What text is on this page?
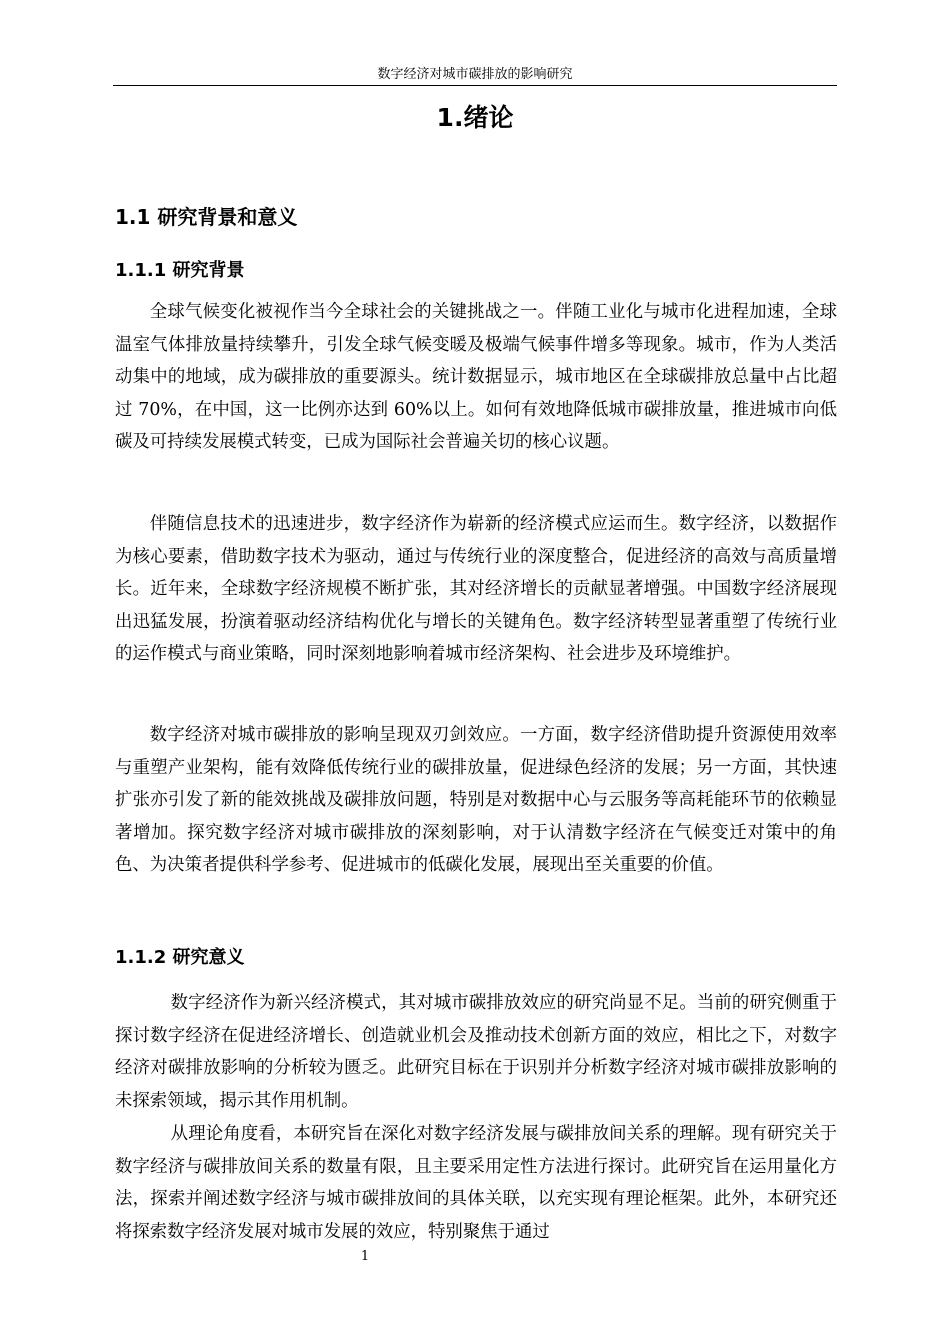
数字经济对城市碳排放的影响研究
1.绪论
1.1 研究背景和意义
1.1.1 研究背景

全球气候变化被视作当今全球社会的关键挑战之一。伴随工业化与城市化进程加速，全球温室气体排放量持续攀升，引发全球气候变暖及极端气候事件增多等现象。城市，作为人类活动集中的地域，成为碳排放的重要源头。统计数据显示，城市地区在全球碳排放总量中占比超过 70%，在中国，这一比例亦达到 60%以上。如何有效地降低城市碳排放量，推进城市向低碳及可持续发展模式转变，已成为国际社会普遍关切的核心议题。

伴随信息技术的迅速进步，数字经济作为崭新的经济模式应运而生。数字经济，以数据作为核心要素，借助数字技术为驱动，通过与传统行业的深度整合，促进经济的高效与高质量增长。近年来，全球数字经济规模不断扩张，其对经济增长的贡献显著增强。中国数字经济展现出迅猛发展，扮演着驱动经济结构优化与增长的关键角色。数字经济转型显著重塑了传统行业的运作模式与商业策略，同时深刻地影响着城市经济架构、社会进步及环境维护。

数字经济对城市碳排放的影响呈现双刃剑效应。一方面，数字经济借助提升资源使用效率与重塑产业架构，能有效降低传统行业的碳排放量，促进绿色经济的发展；另一方面，其快速扩张亦引发了新的能效挑战及碳排放问题，特别是对数据中心与云服务等高耗能环节的依赖显著增加。探究数字经济对城市碳排放的深刻影响，对于认清数字经济在气候变迁对策中的角色、为决策者提供科学参考、促进城市的低碳化发展，展现出至关重要的价值。

1.1.2 研究意义

数字经济作为新兴经济模式，其对城市碳排放效应的研究尚显不足。当前的研究侧重于探讨数字经济在促进经济增长、创造就业机会及推动技术创新方面的效应，相比之下，对数字经济对碳排放影响的分析较为匮乏。此研究目标在于识别并分析数字经济对城市碳排放影响的未探索领域，揭示其作用机制。

从理论角度看，本研究旨在深化对数字经济发展与碳排放间关系的理解。现有研究关于数字经济与碳排放间关系的数量有限，且主要采用定性方法进行探讨。此研究旨在运用量化方法，探索并阐述数字经济与城市碳排放间的具体关联，以充实现有理论框架。此外，本研究还将探索数字经济发展对城市发展的效应，特别聚焦于通过

1
